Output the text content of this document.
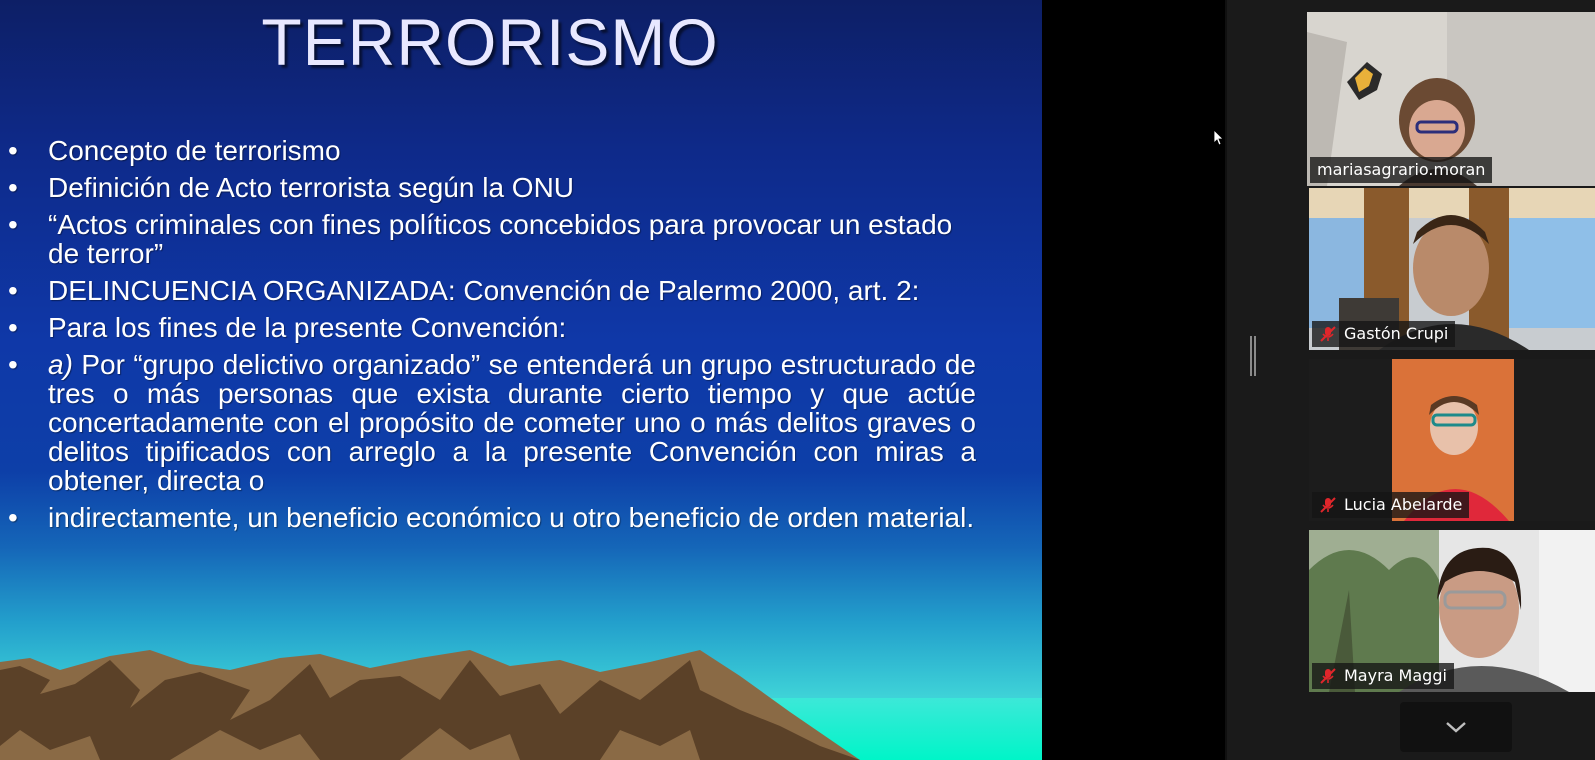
TERRORISMO
• Concepto de terrorismo
• Definición de Acto terrorista según la ONU
• “Actos criminales con fines políticos concebidos para provocar un estado de terror”
• DELINCUENCIA ORGANIZADA: Convención de Palermo 2000, art. 2:
• Para los fines de la presente Convención:
• a) Por “grupo delictivo organizado” se entenderá un grupo estructurado de tres o más personas que exista durante cierto tiempo y que actúe concertadamente con el propósito de cometer uno o más delitos graves o delitos tipificados con arreglo a la presente Convención con miras a obtener, directa o
• indirectamente, un beneficio económico u otro beneficio de orden material.
mariasagrario.moran
Gastón Crupi
Lucia Abelarde
Mayra Maggi
